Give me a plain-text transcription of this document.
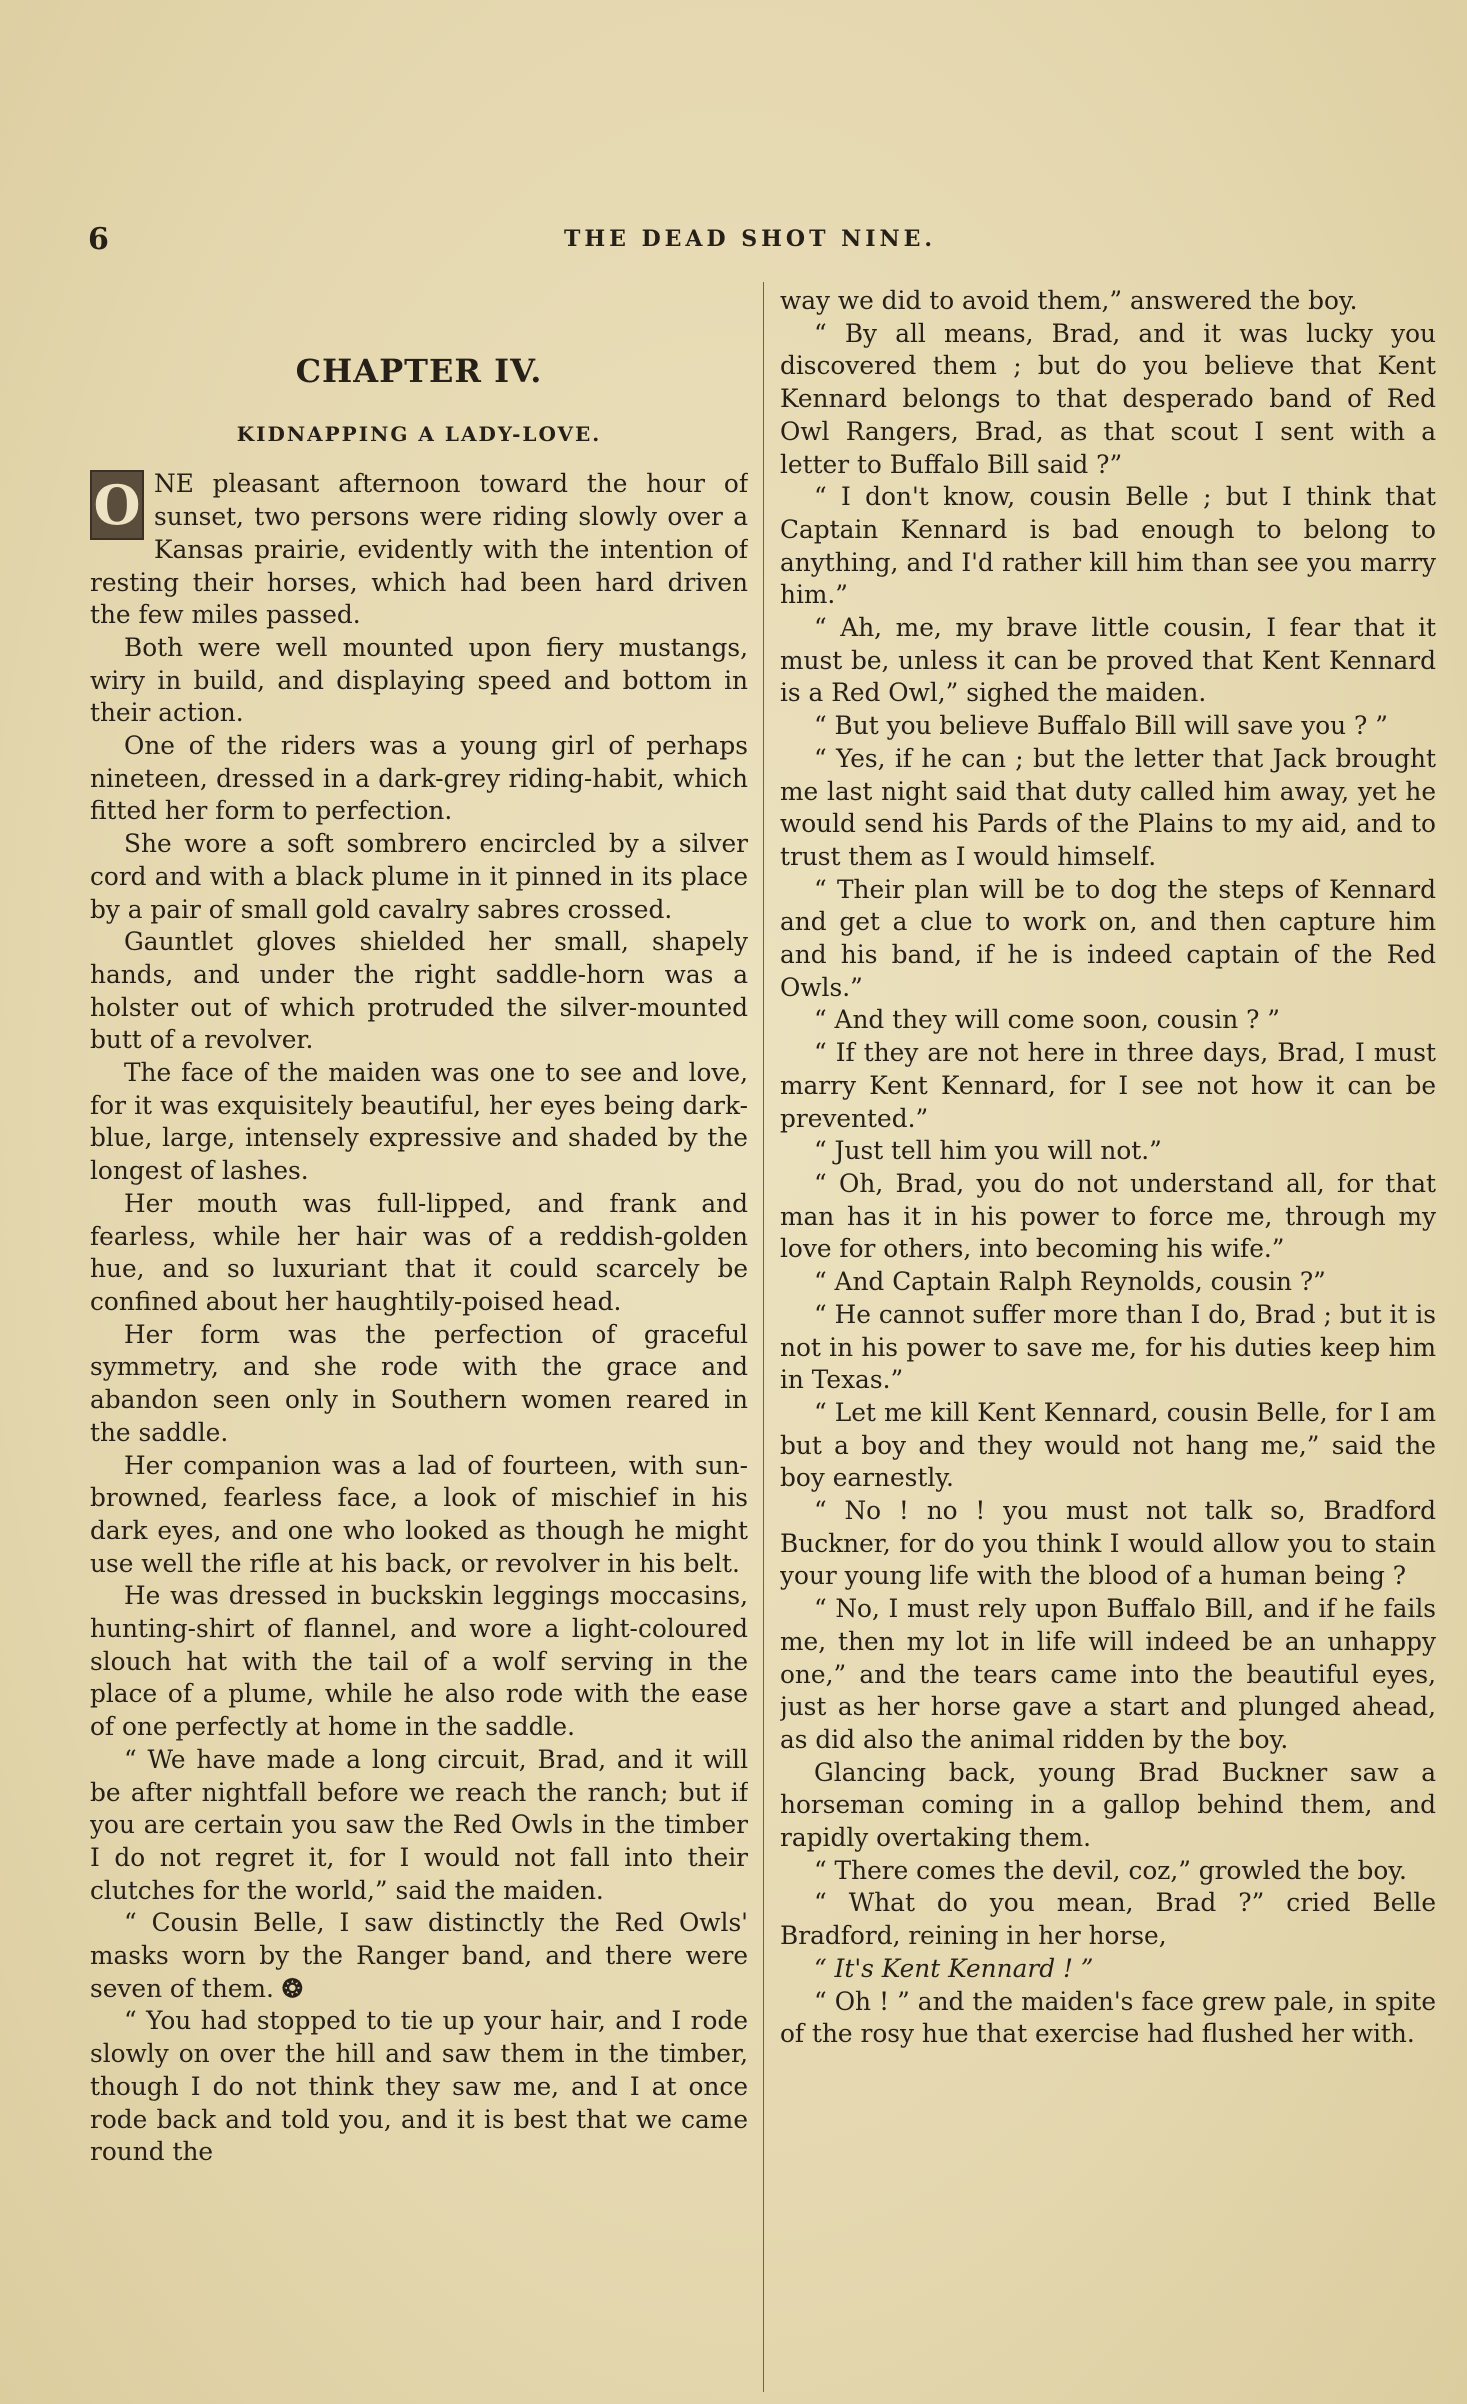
6	THE DEAD SHOT NINE.
CHAPTER IV.
KIDNAPPING A LADY-LOVE.

O NE pleasant afternoon toward the hour of sunset, two persons were riding slowly over a Kansas prairie, evidently with the intention of resting their horses, which had been hard driven the few miles passed.

Both were well mounted upon fiery mustangs, wiry in build, and displaying speed and bottom in their action.

One of the riders was a young girl of perhaps nineteen, dressed in a dark-grey riding-habit, which fitted her form to perfection.

She wore a soft sombrero encircled by a silver cord and with a black plume in it pinned in its place by a pair of small gold cavalry sabres crossed.

Gauntlet gloves shielded her small, shapely hands, and under the right saddle-horn was a holster out of which protruded the silver-mounted butt of a revolver.

The face of the maiden was one to see and love, for it was exquisitely beautiful, her eyes being dark-blue, large, intensely expressive and shaded by the longest of lashes.

Her mouth was full-lipped, and frank and fearless, while her hair was of a reddish-golden hue, and so luxuriant that it could scarcely be confined about her haughtily-poised head.

Her form was the perfection of graceful symmetry, and she rode with the grace and abandon seen only in Southern women reared in the saddle.

Her companion was a lad of fourteen, with sun-browned, fearless face, a look of mischief in his dark eyes, and one who looked as though he might use well the rifle at his back, or revolver in his belt.

He was dressed in buckskin leggings moccasins, hunting-shirt of flannel, and wore a light-coloured slouch hat with the tail of a wolf serving in the place of a plume, while he also rode with the ease of one perfectly at home in the saddle.

“ We have made a long circuit, Brad, and it will be after nightfall before we reach the ranch; but if you are certain you saw the Red Owls in the timber I do not regret it, for I would not fall into their clutches for the world,” said the maiden.

“ Cousin Belle, I saw distinctly the Red Owls' masks worn by the Ranger band, and there were seven of them. ❂

“ You had stopped to tie up your hair, and I rode slowly on over the hill and saw them in the timber, though I do not think they saw me, and I at once rode back and told you, and it is best that we came round the

way we did to avoid them,” answered the boy.

“ By all means, Brad, and it was lucky you discovered them ; but do you believe that Kent Kennard belongs to that desperado band of Red Owl Rangers, Brad, as that scout I sent with a letter to Buffalo Bill said ?”

“ I don't know, cousin Belle ; but I think that Captain Kennard is bad enough to belong to anything, and I'd rather kill him than see you marry him.”

“ Ah, me, my brave little cousin, I fear that it must be, unless it can be proved that Kent Kennard is a Red Owl,” sighed the maiden.

“ But you believe Buffalo Bill will save you ? ”

“ Yes, if he can ; but the letter that Jack brought me last night said that duty called him away, yet he would send his Pards of the Plains to my aid, and to trust them as I would himself.

“ Their plan will be to dog the steps of Kennard and get a clue to work on, and then capture him and his band, if he is indeed captain of the Red Owls.”

“ And they will come soon, cousin ? ”

“ If they are not here in three days, Brad, I must marry Kent Kennard, for I see not how it can be prevented.”

“ Just tell him you will not.”

“ Oh, Brad, you do not understand all, for that man has it in his power to force me, through my love for others, into becoming his wife.”

“ And Captain Ralph Reynolds, cousin ?”

“ He cannot suffer more than I do, Brad ; but it is not in his power to save me, for his duties keep him in Texas.”

“ Let me kill Kent Kennard, cousin Belle, for I am but a boy and they would not hang me,” said the boy earnestly.

“ No ! no ! you must not talk so, Bradford Buckner, for do you think I would allow you to stain your young life with the blood of a human being ?

“ No, I must rely upon Buffalo Bill, and if he fails me, then my lot in life will indeed be an unhappy one,” and the tears came into the beautiful eyes, just as her horse gave a start and plunged ahead, as did also the animal ridden by the boy.

Glancing back, young Brad Buckner saw a horseman coming in a gallop behind them, and rapidly overtaking them.

“ There comes the devil, coz,” growled the boy.

“ What do you mean, Brad ?” cried Belle Bradford, reining in her horse,

“ It's Kent Kennard ! ”

“ Oh ! ” and the maiden's face grew pale, in spite of the rosy hue that exercise had flushed her with.
